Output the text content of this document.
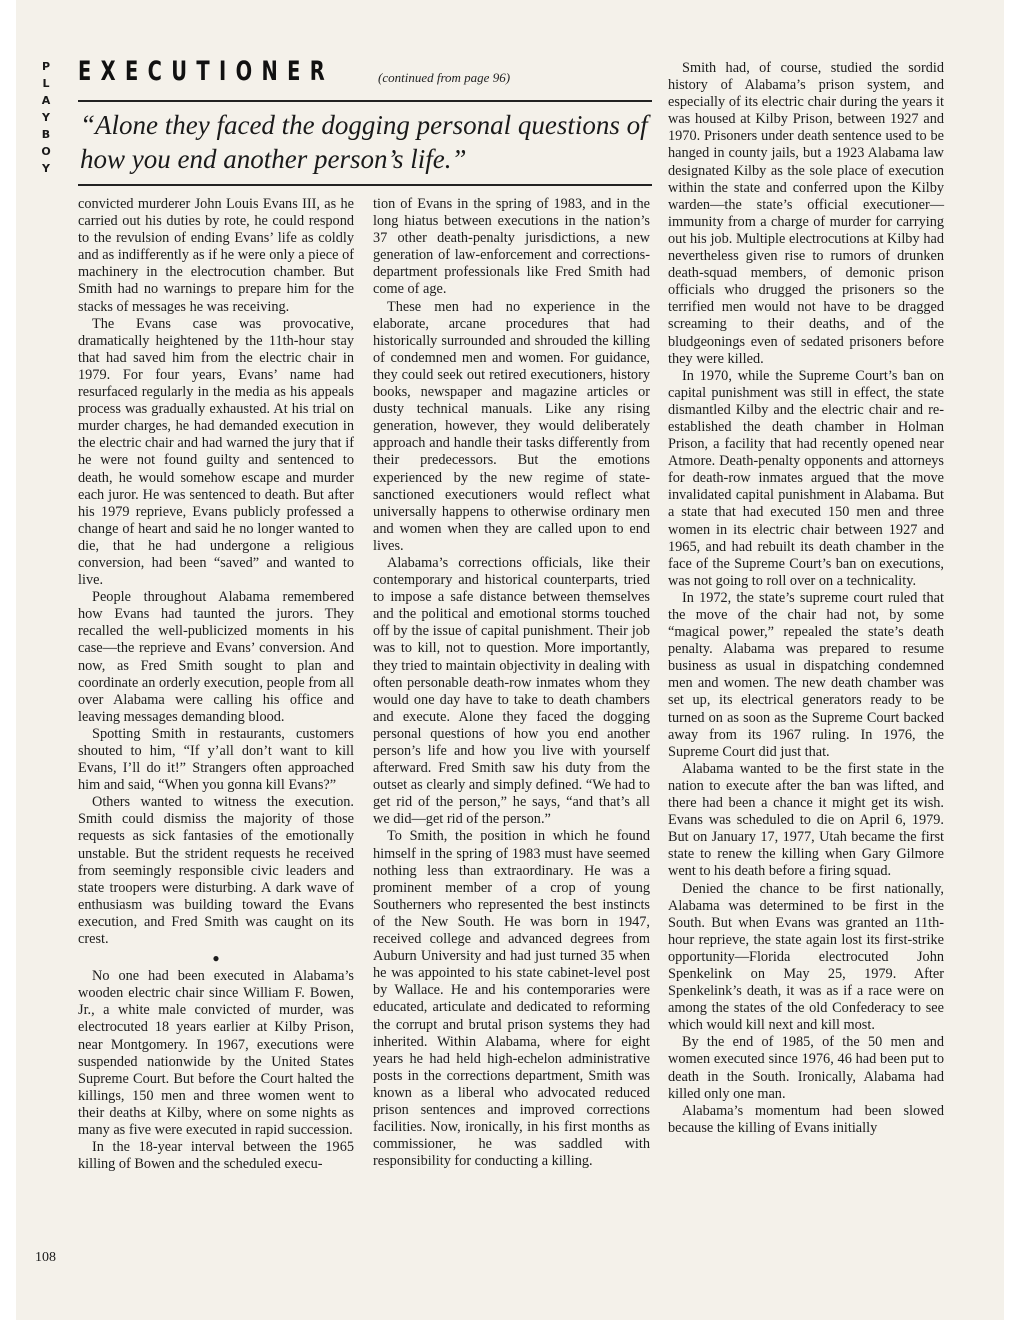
P
L
A
Y
B
O
Y
EXECUTIONER	(continued from page 96)

“Alone they faced the dogging personal questions of how you end another person’s life.”

convicted murderer John Louis Evans III, as he carried out his duties by rote, he could respond to the revulsion of ending Evans’ life as coldly and as indifferently as if he were only a piece of machinery in the electrocution chamber. But Smith had no warnings to prepare him for the stacks of messages he was receiving.

The Evans case was provocative, dramatically heightened by the 11th-hour stay that had saved him from the electric chair in 1979. For four years, Evans’ name had resurfaced regularly in the media as his appeals process was gradually exhausted. At his trial on murder charges, he had demanded execution in the electric chair and had warned the jury that if he were not found guilty and sentenced to death, he would somehow escape and murder each juror. He was sentenced to death. But after his 1979 reprieve, Evans publicly professed a change of heart and said he no longer wanted to die, that he had undergone a religious conversion, had been “saved” and wanted to live.

People throughout Alabama remembered how Evans had taunted the jurors. They recalled the well-publicized moments in his case—the reprieve and Evans’ conversion. And now, as Fred Smith sought to plan and coordinate an orderly execution, people from all over Alabama were calling his office and leaving messages demanding blood.

Spotting Smith in restaurants, customers shouted to him, “If y’all don’t want to kill Evans, I’ll do it!” Strangers often approached him and said, “When you gonna kill Evans?”

Others wanted to witness the execution. Smith could dismiss the majority of those requests as sick fantasies of the emotionally unstable. But the strident requests he received from seemingly responsible civic leaders and state troopers were disturbing. A dark wave of enthusiasm was building toward the Evans execution, and Fred Smith was caught on its crest.

●

No one had been executed in Alabama’s wooden electric chair since William F. Bowen, Jr., a white male convicted of murder, was electrocuted 18 years earlier at Kilby Prison, near Montgomery. In 1967, executions were suspended nationwide by the United States Supreme Court. But before the Court halted the killings, 150 men and three women went to their deaths at Kilby, where on some nights as many as five were executed in rapid succession.

In the 18-year interval between the 1965 killing of Bowen and the scheduled execu-

tion of Evans in the spring of 1983, and in the long hiatus between executions in the nation’s 37 other death-penalty jurisdictions, a new generation of law-enforcement and corrections-department professionals like Fred Smith had come of age.

These men had no experience in the elaborate, arcane procedures that had historically surrounded and shrouded the killing of condemned men and women. For guidance, they could seek out retired executioners, history books, newspaper and magazine articles or dusty technical manuals. Like any rising generation, however, they would deliberately approach and handle their tasks differently from their predecessors. But the emotions experienced by the new regime of state-sanctioned executioners would reflect what universally happens to otherwise ordinary men and women when they are called upon to end lives.

Alabama’s corrections officials, like their contemporary and historical counterparts, tried to impose a safe distance between themselves and the political and emotional storms touched off by the issue of capital punishment. Their job was to kill, not to question. More importantly, they tried to maintain objectivity in dealing with often personable death-row inmates whom they would one day have to take to death chambers and execute. Alone they faced the dogging personal questions of how you end another person’s life and how you live with yourself afterward. Fred Smith saw his duty from the outset as clearly and simply defined. “We had to get rid of the person,” he says, “and that’s all we did—get rid of the person.”

To Smith, the position in which he found himself in the spring of 1983 must have seemed nothing less than extraordinary. He was a prominent member of a crop of young Southerners who represented the best instincts of the New South. He was born in 1947, received college and advanced degrees from Auburn University and had just turned 35 when he was appointed to his state cabinet-level post by Wallace. He and his contemporaries were educated, articulate and dedicated to reforming the corrupt and brutal prison systems they had inherited. Within Alabama, where for eight years he had held high-echelon administrative posts in the corrections department, Smith was known as a liberal who advocated reduced prison sentences and improved corrections facilities. Now, ironically, in his first months as commissioner, he was saddled with responsibility for conducting a killing.

Smith had, of course, studied the sordid history of Alabama’s prison system, and especially of its electric chair during the years it was housed at Kilby Prison, between 1927 and 1970. Prisoners under death sentence used to be hanged in county jails, but a 1923 Alabama law designated Kilby as the sole place of execution within the state and conferred upon the Kilby warden—the state’s official executioner—immunity from a charge of murder for carrying out his job. Multiple electrocutions at Kilby had nevertheless given rise to rumors of drunken death-squad members, of demonic prison officials who drugged the prisoners so the terrified men would not have to be dragged screaming to their deaths, and of the bludgeonings even of sedated prisoners before they were killed.

In 1970, while the Supreme Court’s ban on capital punishment was still in effect, the state dismantled Kilby and the electric chair and re-established the death chamber in Holman Prison, a facility that had recently opened near Atmore. Death-penalty opponents and attorneys for death-row inmates argued that the move invalidated capital punishment in Alabama. But a state that had executed 150 men and three women in its electric chair between 1927 and 1965, and had rebuilt its death chamber in the face of the Supreme Court’s ban on executions, was not going to roll over on a technicality.

In 1972, the state’s supreme court ruled that the move of the chair had not, by some “magical power,” repealed the state’s death penalty. Alabama was prepared to resume business as usual in dispatching condemned men and women. The new death chamber was set up, its electrical generators ready to be turned on as soon as the Supreme Court backed away from its 1967 ruling. In 1976, the Supreme Court did just that.

Alabama wanted to be the first state in the nation to execute after the ban was lifted, and there had been a chance it might get its wish. Evans was scheduled to die on April 6, 1979. But on January 17, 1977, Utah became the first state to renew the killing when Gary Gilmore went to his death before a firing squad.

Denied the chance to be first nationally, Alabama was determined to be first in the South. But when Evans was granted an 11th-hour reprieve, the state again lost its first-strike opportunity—Florida electrocuted John Spenkelink on May 25, 1979. After Spenkelink’s death, it was as if a race were on among the states of the old Confederacy to see which would kill next and kill most.

By the end of 1985, of the 50 men and women executed since 1976, 46 had been put to death in the South. Ironically, Alabama had killed only one man.

Alabama’s momentum had been slowed because the killing of Evans initially

108
